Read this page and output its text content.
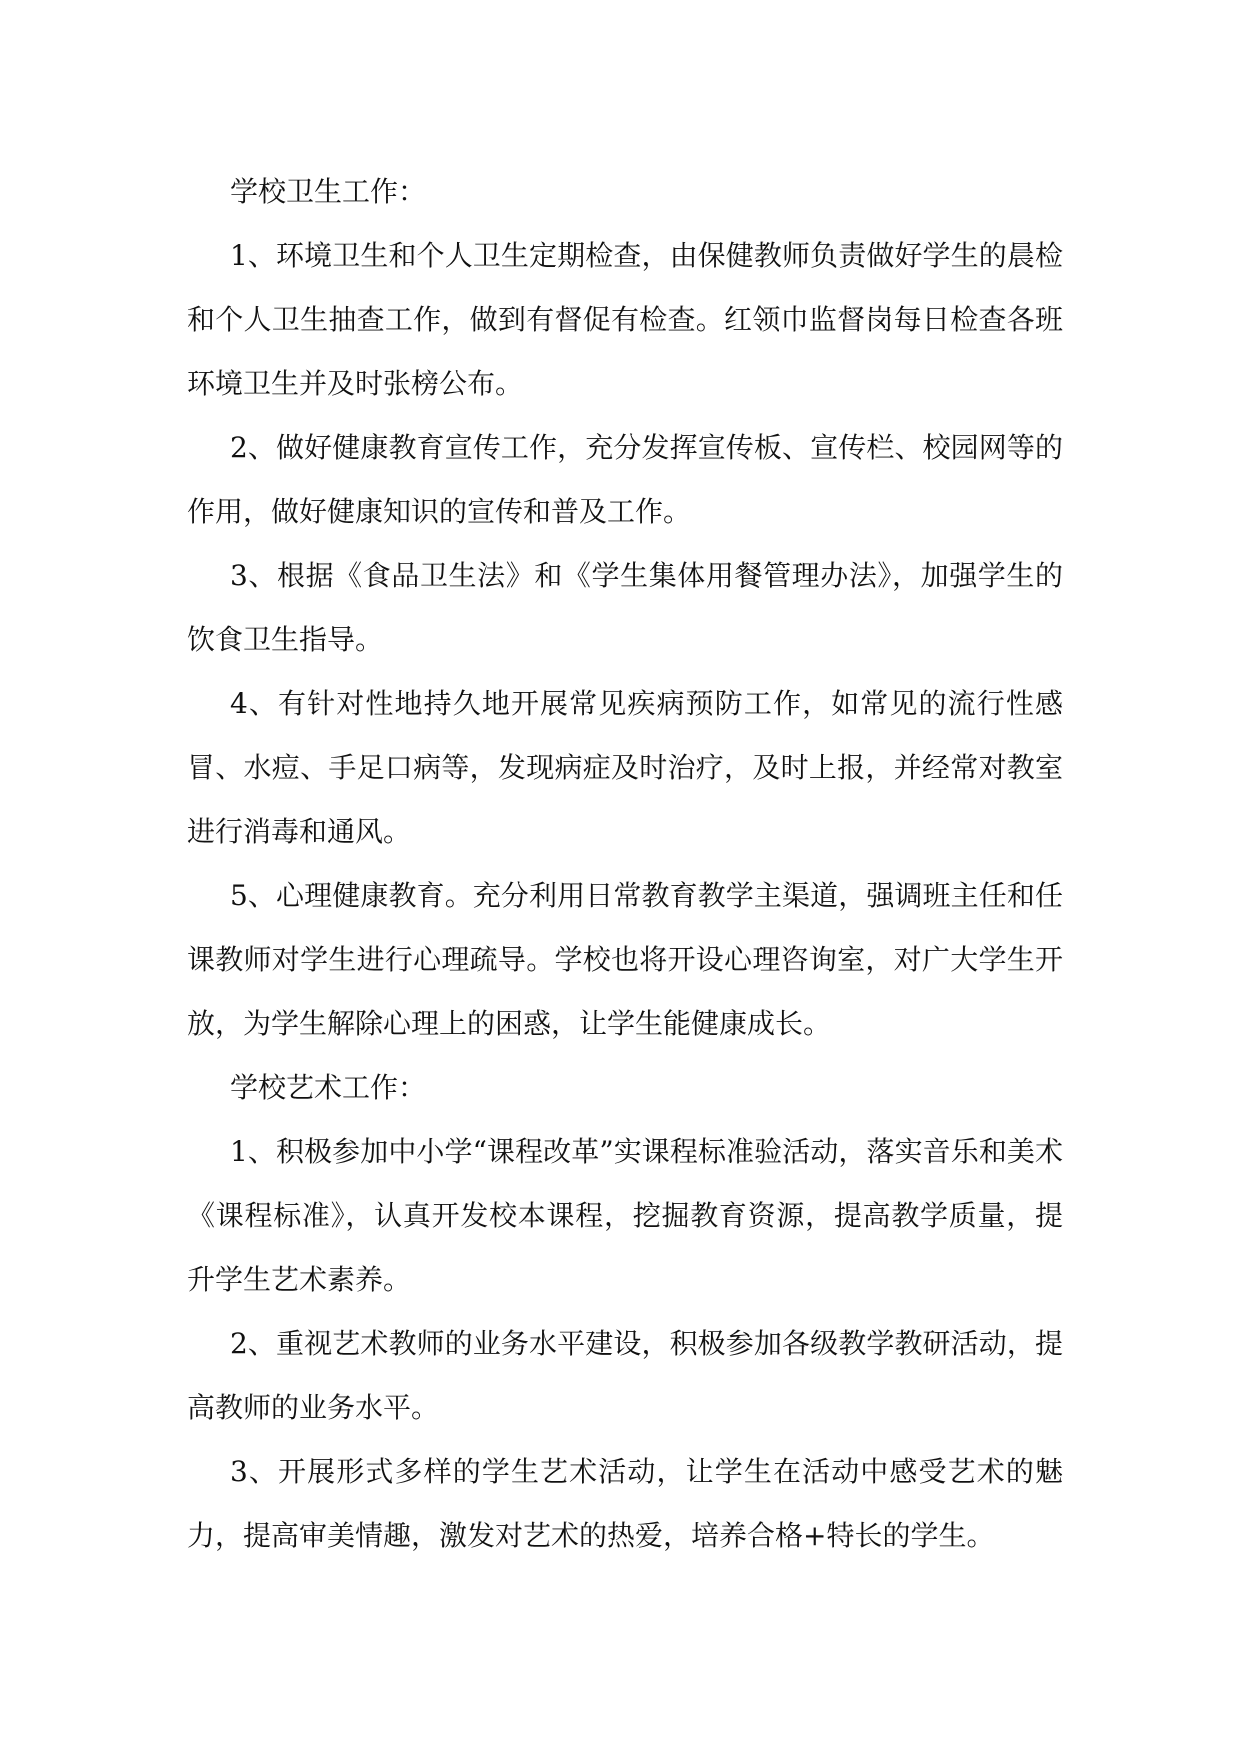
学校卫生工作：

1、环境卫生和个人卫生定期检查，由保健教师负责做好学生的晨检和个人卫生抽查工作，做到有督促有检查。红领巾监督岗每日检查各班环境卫生并及时张榜公布。

2、做好健康教育宣传工作，充分发挥宣传板、宣传栏、校园网等的作用，做好健康知识的宣传和普及工作。

3、根据《食品卫生法》和《学生集体用餐管理办法》，加强学生的饮食卫生指导。

4、有针对性地持久地开展常见疾病预防工作，如常见的流行性感冒、水痘、手足口病等，发现病症及时治疗，及时上报，并经常对教室进行消毒和通风。

5、心理健康教育。充分利用日常教育教学主渠道，强调班主任和任课教师对学生进行心理疏导。学校也将开设心理咨询室，对广大学生开放，为学生解除心理上的困惑，让学生能健康成长。

学校艺术工作：

1、积极参加中小学“课程改革”实课程标准验活动，落实音乐和美术《课程标准》，认真开发校本课程，挖掘教育资源，提高教学质量，提升学生艺术素养。

2、重视艺术教师的业务水平建设，积极参加各级教学教研活动，提高教师的业务水平。

3、开展形式多样的学生艺术活动，让学生在活动中感受艺术的魅力，提高审美情趣，激发对艺术的热爱，培养合格+特长的学生。
